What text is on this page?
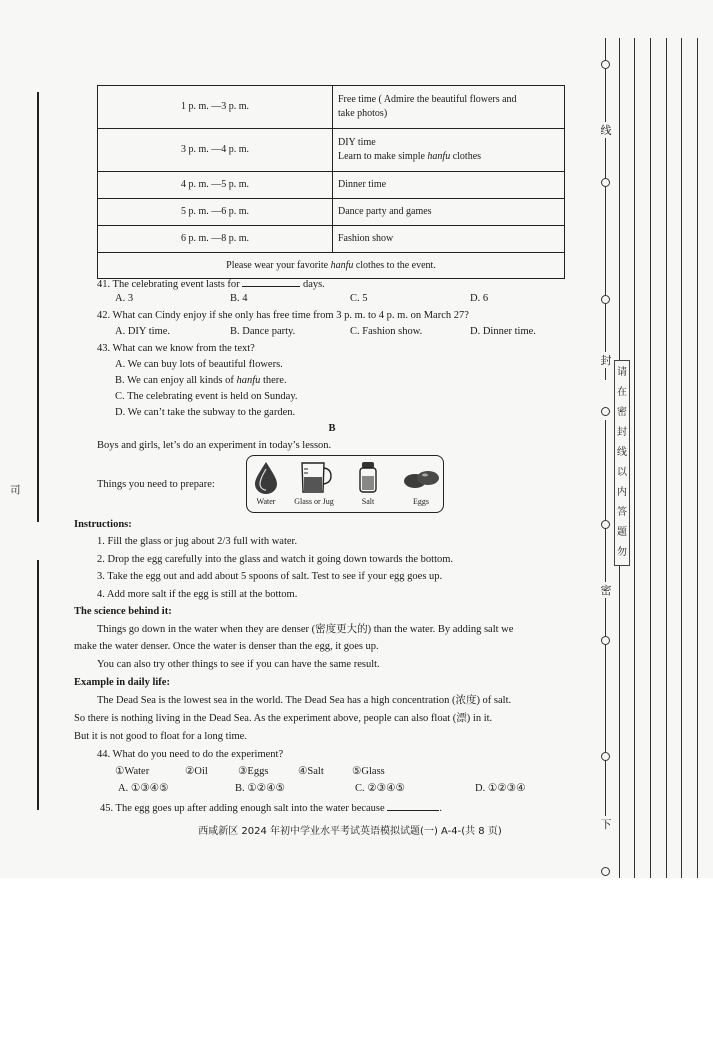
司
1 p. m. —3 p. m.	Free time ( Admire the beautiful flowers and
take photos)
3 p. m. —4 p. m.	DIY time
Learn to make simple hanfu clothes
4 p. m. —5 p. m.	Dinner time
5 p. m. —6 p. m.	Dance party and games
6 p. m. —8 p. m.	Fashion show
Please wear your favorite hanfu clothes to the event.	
41. The celebrating event lasts for	days.
A. 3	B. 4	C. 5	D. 6
42. What can Cindy enjoy if she only has free time from 3 p. m. to 4 p. m. on March 27?
A. DIY time.	B. Dance party.	C. Fashion show.	D. Dinner time.
43. What can we know from the text?
A. We can buy lots of beautiful flowers.
B. We can enjoy all kinds of hanfu there.
C. The celebrating event is held on Sunday.
D. We can’t take the subway to the garden.
B
Boys and girls, let’s do an experiment in today’s lesson.
Things you need to prepare:
Water	Glass or Jug	Salt	Eggs
Instructions:
1. Fill the glass or jug about 2/3 full with water.
2. Drop the egg carefully into the glass and watch it going down towards the bottom.
3. Take the egg out and add about 5 spoons of salt. Test to see if your egg goes up.
4. Add more salt if the egg is still at the bottom.
The science behind it:
Things go down in the water when they are denser (密度更大的) than the water. By adding salt we
make the water denser. Once the water is denser than the egg, it goes up.
You can also try other things to see if you can have the same result.
Example in daily life:
The Dead Sea is the lowest sea in the world. The Dead Sea has a high concentration (浓度) of salt.
So there is nothing living in the Dead Sea. As the experiment above, people can also float (漂) in it.
But it is not good to float for a long time.
44. What do you need to do the experiment?
①Water	②Oil	③Eggs	④Salt	⑤Glass
A. ①③④⑤	B. ①②④⑤	C. ②③④⑤	D. ①②③④
45. The egg goes up after adding enough salt into the water because	.
西咸新区 2024 年初中学业水平考试英语模拟试题(一) A-4-(共 8 页)
线
封
密
下
请在密封线以内答题勿
